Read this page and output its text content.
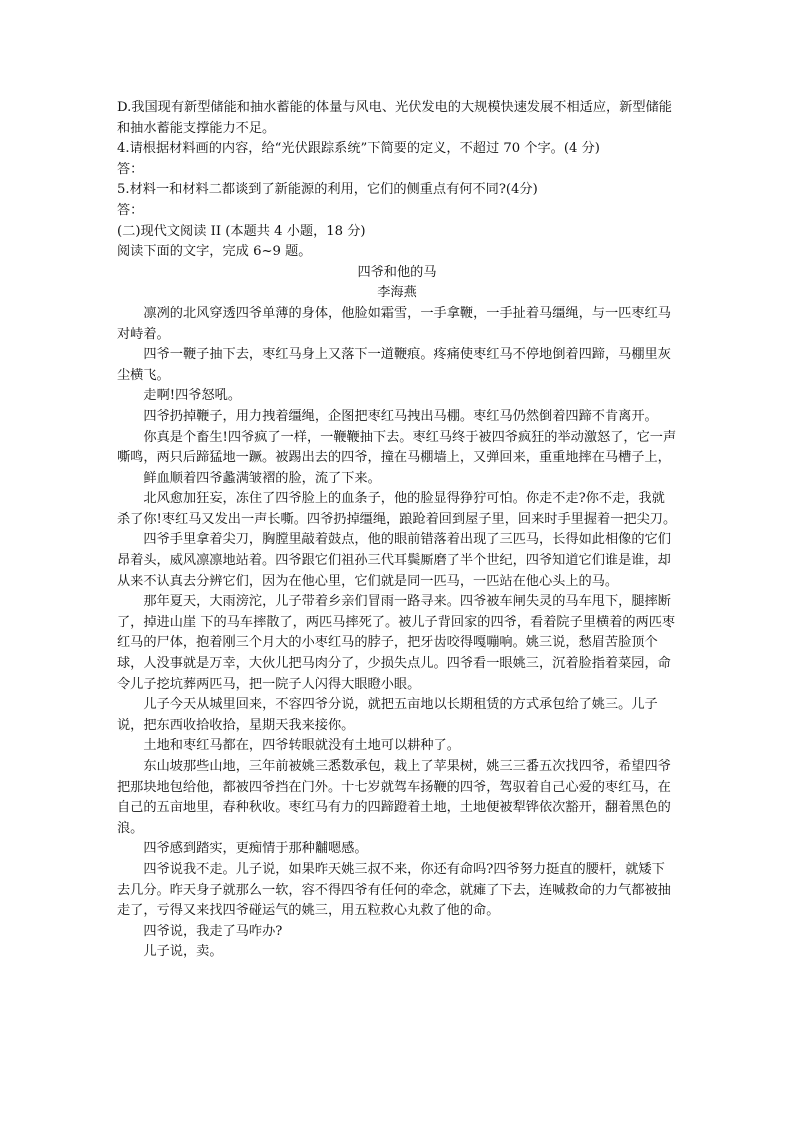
D.我国现有新型储能和抽水蓄能的体量与风电、光伏发电的大规模快速发展不相适应，新型储能和抽水蓄能支撑能力不足。

4.请根据材料画的内容，给“光伏跟踪系统”下简要的定义，不超过 70 个字。(4 分)

答：

5.材料一和材料二都谈到了新能源的利用，它们的侧重点有何不同?(4分)

答：

(二)现代文阅读 II (本题共 4 小题，18 分)

阅读下面的文字，完成 6~9 题。

四爷和他的马

李海燕

凛冽的北风穿透四爷单薄的身体，他脸如霜雪，一手拿鞭，一手扯着马缰绳，与一匹枣红马对峙着。

四爷一鞭子抽下去，枣红马身上又落下一道鞭痕。疼痛使枣红马不停地倒着四蹄，马棚里灰尘横飞。

走啊!四爷怒吼。

四爷扔掉鞭子，用力拽着缰绳，企图把枣红马拽出马棚。枣红马仍然倒着四蹄不肯离开。

你真是个畜生!四爷疯了一样，一鞭鞭抽下去。枣红马终于被四爷疯狂的举动激怒了，它一声嘶鸣，两只后蹄猛地一蹶。被踢出去的四爷，撞在马棚墙上，又弹回来，重重地摔在马槽子上，

鲜血顺着四爷蠡满皱褶的脸，流了下来。

北风愈加狂妄，冻住了四爷脸上的血条子，他的脸显得狰狞可怕。你走不走?你不走，我就杀了你!枣红马又发出一声长嘶。四爷扔掉缰绳，踉跄着回到屋子里，回来时手里握着一把尖刀。

四爷手里拿着尖刀，胸膛里敲着鼓点，他的眼前错落着出现了三匹马，长得如此相像的它们昂着头，威风凛凛地站着。四爷跟它们祖孙三代耳鬓厮磨了半个世纪，四爷知道它们谁是谁，却从来不认真去分辨它们，因为在他心里，它们就是同一匹马，一匹站在他心头上的马。

那年夏天，大雨滂沱，儿子带着乡亲们冒雨一路寻来。四爷被车闸失灵的马车甩下，腿摔断了，掉进山崖 下的马车摔散了，两匹马摔死了。被儿子背回家的四爷，看着院子里横着的两匹枣红马的尸体，抱着刚三个月大的小枣红马的脖子，把牙齿咬得嘎嘣响。姚三说，愁眉苦脸顶个球，人没事就是万幸，大伙儿把马肉分了，少损失点儿。四爷看一眼姚三，沉着脸指着菜园，命令儿子挖坑葬两匹马，把一院子人闪得大眼瞪小眼。

儿子今天从城里回来，不容四爷分说，就把五亩地以长期租赁的方式承包给了姚三。儿子说，把东西收拾收拾，星期天我来接你。

土地和枣红马都在，四爷转眼就没有土地可以耕种了。

东山坡那些山地，三年前被姚三悉数承包，栽上了苹果树，姚三三番五次找四爷，希望四爷把那块地包给他，都被四爷挡在门外。十七岁就驾车扬鞭的四爷，驾驭着自己心爱的枣红马，在自己的五亩地里，春种秋收。枣红马有力的四蹄蹬着土地，土地便被犁铧依次豁开，翻着黑色的浪。

四爷感到踏实，更痴情于那种黼嗯感。

四爷说我不走。儿子说，如果昨天姚三叔不来，你还有命吗?四爷努力挺直的腰杆，就矮下去几分。昨天身子就那么一软，容不得四爷有任何的牵念，就瘫了下去，连喊救命的力气都被抽走了，亏得又来找四爷碰运气的姚三，用五粒救心丸救了他的命。

四爷说，我走了马咋办?

儿子说，卖。
